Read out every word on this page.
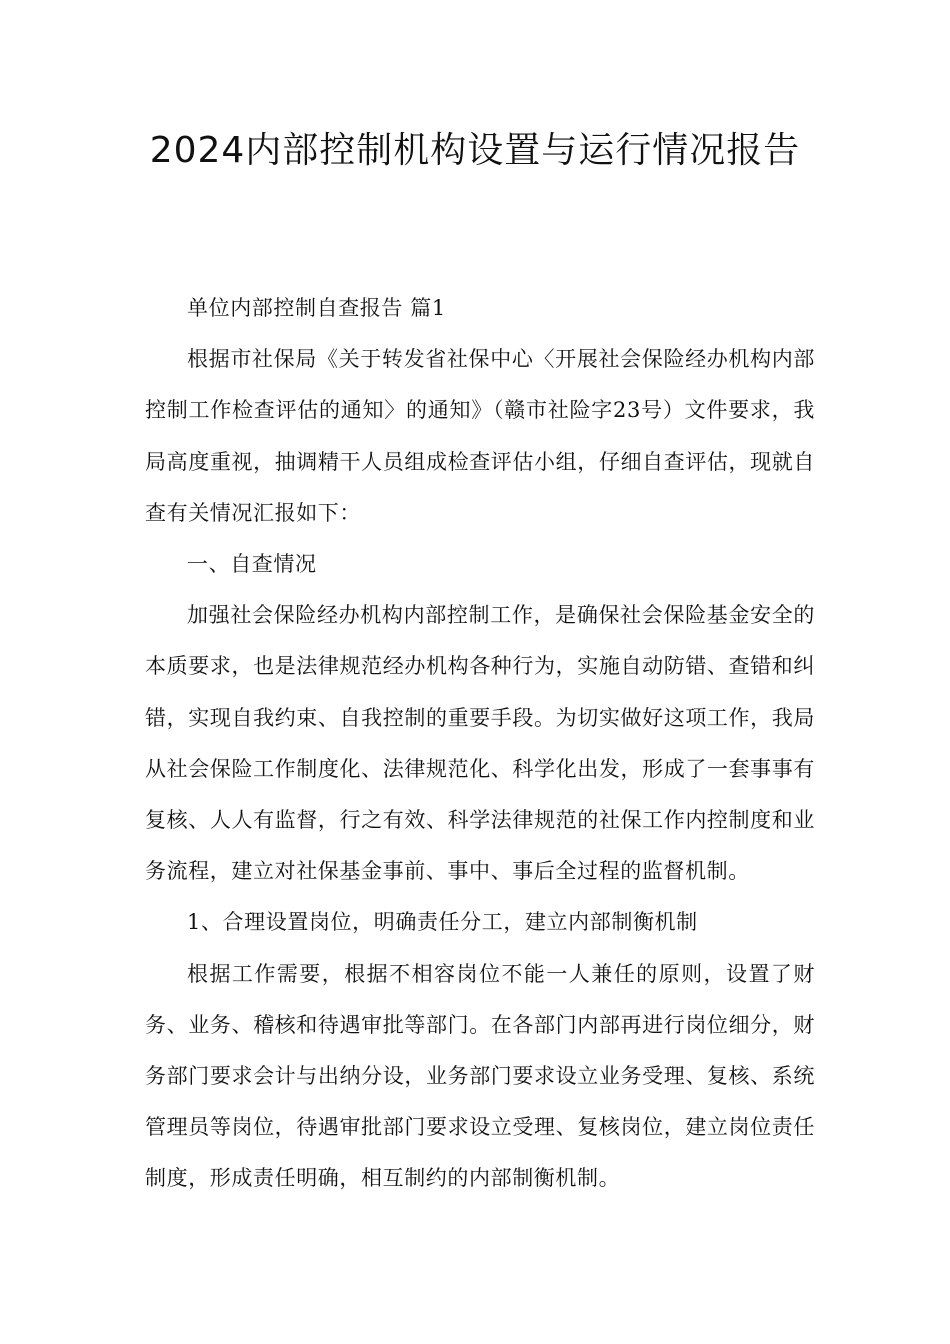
2024内部控制机构设置与运行情况报告

单位内部控制自查报告 篇1

根据市社保局《关于转发省社保中心〈开展社会保险经办机构内部控制工作检查评估的通知〉的通知》（赣市社险字23号）文件要求，我局高度重视，抽调精干人员组成检查评估小组，仔细自查评估，现就自查有关情况汇报如下：

一、自查情况

加强社会保险经办机构内部控制工作，是确保社会保险基金安全的本质要求，也是法律规范经办机构各种行为，实施自动防错、查错和纠错，实现自我约束、自我控制的重要手段。为切实做好这项工作，我局从社会保险工作制度化、法律规范化、科学化出发，形成了一套事事有复核、人人有监督，行之有效、科学法律规范的社保工作内控制度和业务流程，建立对社保基金事前、事中、事后全过程的监督机制。

1、合理设置岗位，明确责任分工，建立内部制衡机制

根据工作需要，根据不相容岗位不能一人兼任的原则，设置了财务、业务、稽核和待遇审批等部门。在各部门内部再进行岗位细分，财务部门要求会计与出纳分设，业务部门要求设立业务受理、复核、系统管理员等岗位，待遇审批部门要求设立受理、复核岗位，建立岗位责任制度，形成责任明确，相互制约的内部制衡机制。
